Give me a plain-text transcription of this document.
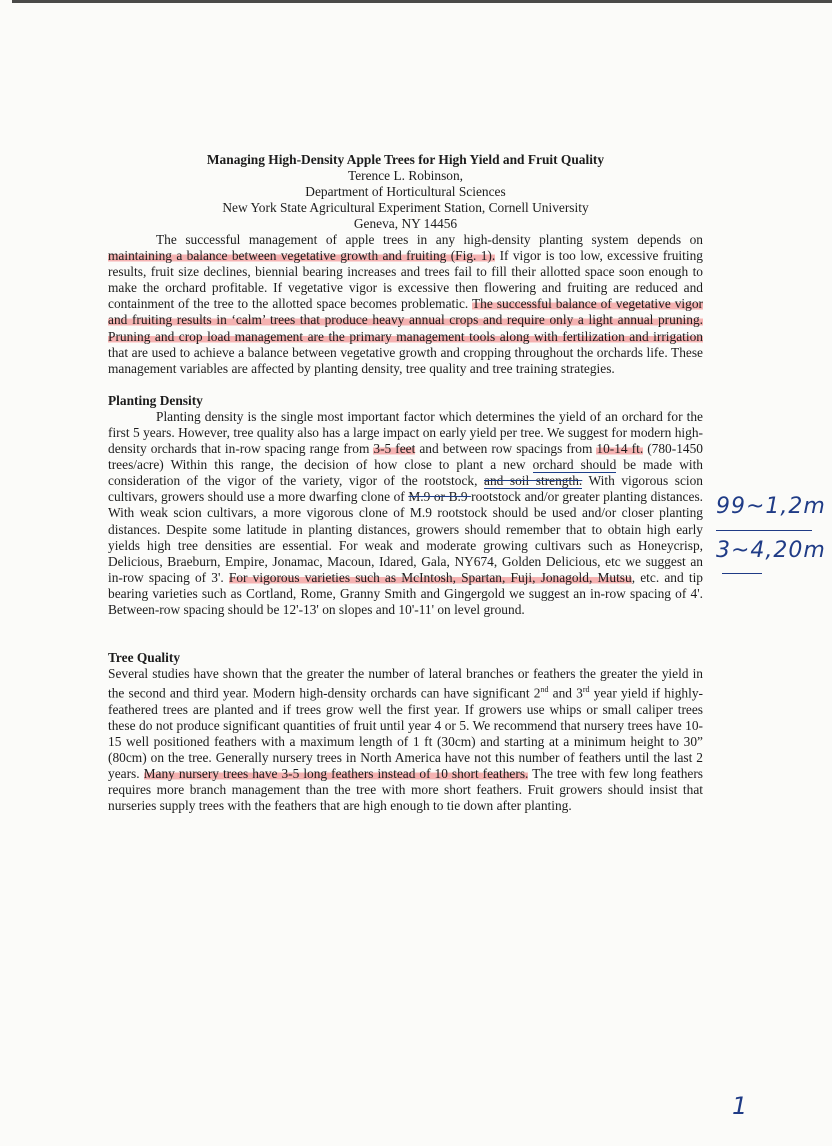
Managing High-Density Apple Trees for High Yield and Fruit Quality
Terence L. Robinson,
Department of Horticultural Sciences
New York State Agricultural Experiment Station, Cornell University
Geneva, NY 14456

The successful management of apple trees in any high-density planting system depends on maintaining a balance between vegetative growth and fruiting (Fig. 1). If vigor is too low, excessive fruiting results, fruit size declines, biennial bearing increases and trees fail to fill their allotted space soon enough to make the orchard profitable. If vegetative vigor is excessive then flowering and fruiting are reduced and containment of the tree to the allotted space becomes problematic. The successful balance of vegetative vigor and fruiting results in ‘calm’ trees that produce heavy annual crops and require only a light annual pruning. Pruning and crop load management are the primary management tools along with fertilization and irrigation that are used to achieve a balance between vegetative growth and cropping throughout the orchards life. These management variables are affected by planting density, tree quality and tree training strategies.

Planting Density

Planting density is the single most important factor which determines the yield of an orchard for the first 5 years. However, tree quality also has a large impact on early yield per tree. We suggest for modern high-density orchards that in-row spacing range from 3-5 feet and between row spacings from 10-14 ft. (780-1450 trees/acre) Within this range, the decision of how close to plant a new orchard should be made with consideration of the vigor of the variety, vigor of the rootstock, and soil strength. With vigorous scion cultivars, growers should use a more dwarfing clone of M.9 or B.9 rootstock and/or greater planting distances. With weak scion cultivars, a more vigorous clone of M.9 rootstock should be used and/or closer planting distances. Despite some latitude in planting distances, growers should remember that to obtain high early yields high tree densities are essential. For weak and moderate growing cultivars such as Honeycrisp, Delicious, Braeburn, Empire, Jonamac, Macoun, Idared, Gala, NY674, Golden Delicious, etc we suggest an in-row spacing of 3'. For vigorous varieties such as McIntosh, Spartan, Fuji, Jonagold, Mutsu, etc. and tip bearing varieties such as Cortland, Rome, Granny Smith and Gingergold we suggest an in-row spacing of 4'. Between-row spacing should be 12'-13' on slopes and 10'-11' on level ground.

Tree Quality

Several studies have shown that the greater the number of lateral branches or feathers the greater the yield in the second and third year. Modern high-density orchards can have significant 2nd and 3rd year yield if highly-feathered trees are planted and if trees grow well the first year. If growers use whips or small caliper trees these do not produce significant quantities of fruit until year 4 or 5. We recommend that nursery trees have 10-15 well positioned feathers with a maximum length of 1 ft (30cm) and starting at a minimum height to 30” (80cm) on the tree. Generally nursery trees in North America have not this number of feathers until the last 2 years. Many nursery trees have 3-5 long feathers instead of 10 short feathers. The tree with few long feathers requires more branch management than the tree with more short feathers. Fruit growers should insist that nurseries supply trees with the feathers that are high enough to tie down after planting.

99~1,2m
3~4,20m
1
